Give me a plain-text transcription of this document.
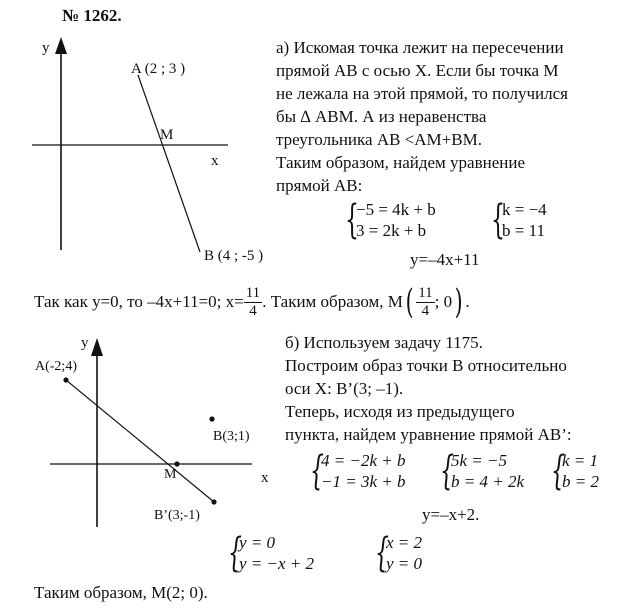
№ 1262.
y
x
A (2 ; 3 )
M
B (4 ; -5 )
а) Искомая точка лежит на пересечении
прямой АВ с осью Х. Если бы точка М
не лежала на этой прямой, то получился
бы ∆ АВМ. А из неравенства
треугольника АВ <АМ+ВМ.
Таким образом, найдем уравнение
прямой АВ:
{
−5 = 4k + b
3 = 2k + b {
k = −4
b = 11
y=–4x+11
Так как у=0, то –4х+11=0; $х= \frac{11}{4}$ . Таким образом, М ( $\frac{11}{4}$ ; 0 ) .
y
x
A(-2;4)
B(3;1)
M
B’(3;-1)
б) Используем задачу 1175.
Построим образ точки В относительно
оси Х: В’(3; –1).
Теперь, исходя из предыдущего
пункта, найдем уравнение прямой АВ’:
{
4 = −2k + b
−1 = 3k + b {
5k = −5
b = 4 + 2k {
k = 1
b = 2
y=–x+2.
{
y = 0
y = −x + 2 {
x = 2
y = 0
Таким образом, М(2; 0).
